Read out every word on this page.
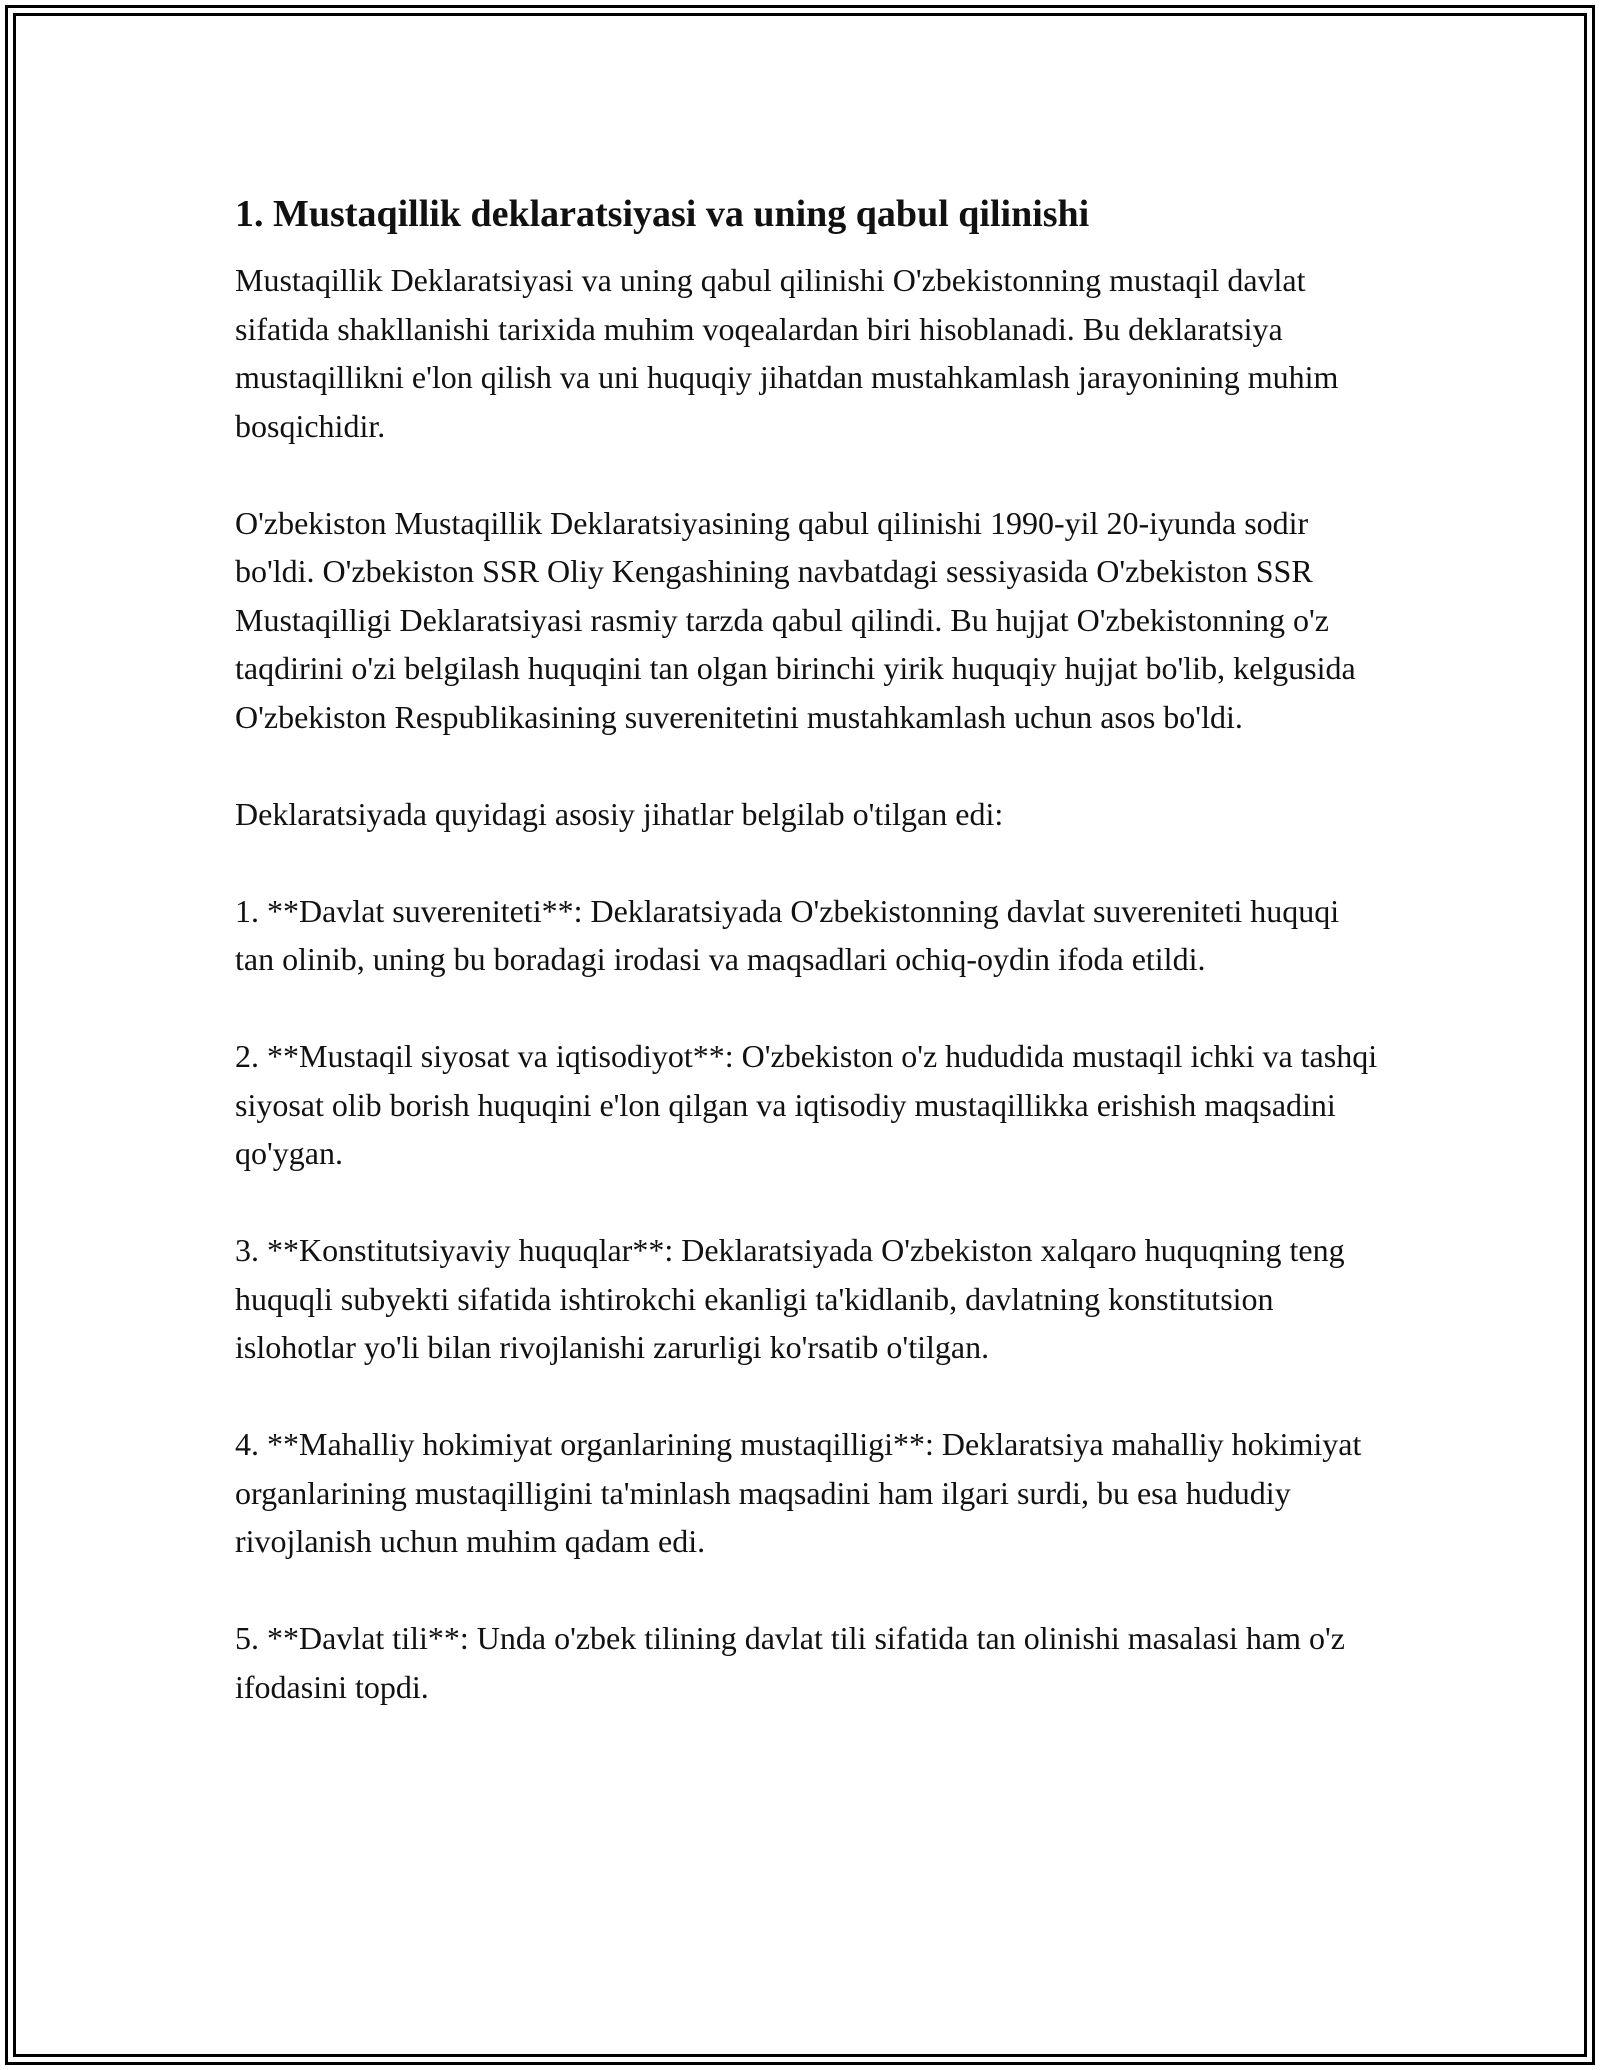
1. Mustaqillik deklaratsiyasi va uning qabul qilinishi

Mustaqillik Deklaratsiyasi va uning qabul qilinishi O'zbekistonning mustaqil davlat sifatida shakllanishi tarixida muhim voqealardan biri hisoblanadi. Bu deklaratsiya mustaqillikni e'lon qilish va uni huquqiy jihatdan mustahkamlash jarayonining muhim bosqichidir.

O'zbekiston Mustaqillik Deklaratsiyasining qabul qilinishi 1990-yil 20-iyunda sodir bo'ldi. O'zbekiston SSR Oliy Kengashining navbatdagi sessiyasida O'zbekiston SSR Mustaqilligi Deklaratsiyasi rasmiy tarzda qabul qilindi. Bu hujjat O'zbekistonning o'z taqdirini o'zi belgilash huquqini tan olgan birinchi yirik huquqiy hujjat bo'lib, kelgusida O'zbekiston Respublikasining suverenitetini mustahkamlash uchun asos bo'ldi.

Deklaratsiyada quyidagi asosiy jihatlar belgilab o'tilgan edi:

1. **Davlat suvereniteti**: Deklaratsiyada O'zbekistonning davlat suvereniteti huquqi tan olinib, uning bu boradagi irodasi va maqsadlari ochiq-oydin ifoda etildi.

2. **Mustaqil siyosat va iqtisodiyot**: O'zbekiston o'z hududida mustaqil ichki va tashqi siyosat olib borish huquqini e'lon qilgan va iqtisodiy mustaqillikka erishish maqsadini qo'ygan.

3. **Konstitutsiyaviy huquqlar**: Deklaratsiyada O'zbekiston xalqaro huquqning teng huquqli subyekti sifatida ishtirokchi ekanligi ta'kidlanib, davlatning konstitutsion islohotlar yo'li bilan rivojlanishi zarurligi ko'rsatib o'tilgan.

4. **Mahalliy hokimiyat organlarining mustaqilligi**: Deklaratsiya mahalliy hokimiyat organlarining mustaqilligini ta'minlash maqsadini ham ilgari surdi, bu esa hududiy rivojlanish uchun muhim qadam edi.

5. **Davlat tili**: Unda o'zbek tilining davlat tili sifatida tan olinishi masalasi ham o'z ifodasini topdi.
